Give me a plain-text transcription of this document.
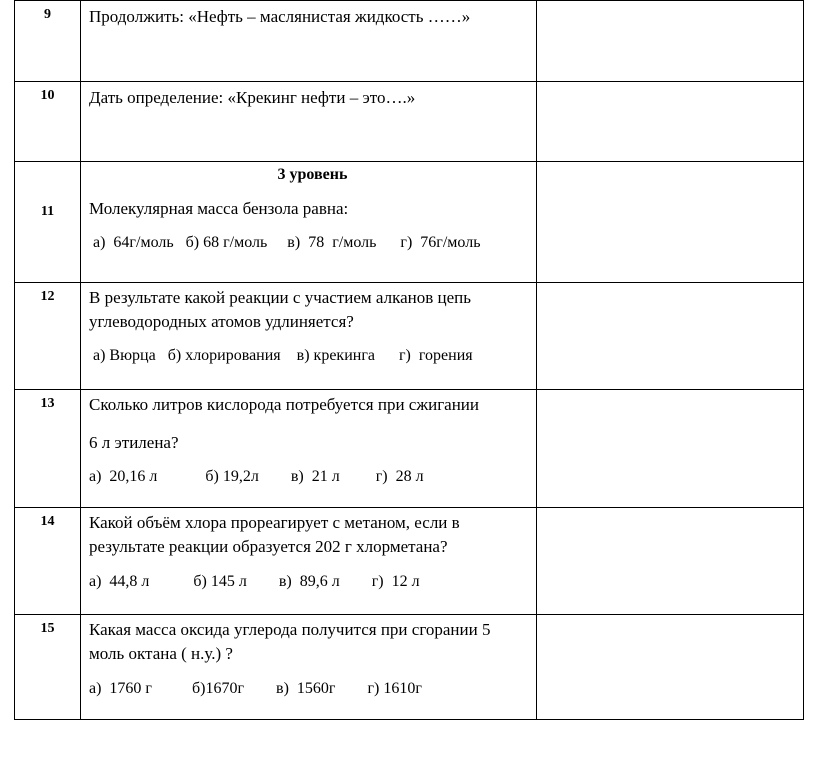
9	Продолжить: «Нефть – маслянистая жидкость ……»	

10	Дать определение: «Крекинг нефти – это….»	

11	3 уровень
Молекулярная масса бензола равна:
а)  64г/моль   б) 68 г/моль     в)  78  г/моль      г)  76г/моль	

12	В результате какой реакции с участием алканов цепь
углеводородных атомов удлиняется?
а) Вюрца   б) хлорирования    в) крекинга      г)  горения	

13	Сколько литров кислорода потребуется при сжигании
6 л этилена?
а)  20,16 л            б) 19,2л        в)  21 л         г)  28 л	

14	Какой объём хлора прореагирует с метаном, если в
результате реакции образуется 202 г хлорметана?
а)  44,8 л           б) 145 л        в)  89,6 л        г)  12 л	

15	Какая масса оксида углерода получится при сгорании 5
моль октана ( н.у.) ?
а)  1760 г          б)1670г        в)  1560г        г) 1610г	
